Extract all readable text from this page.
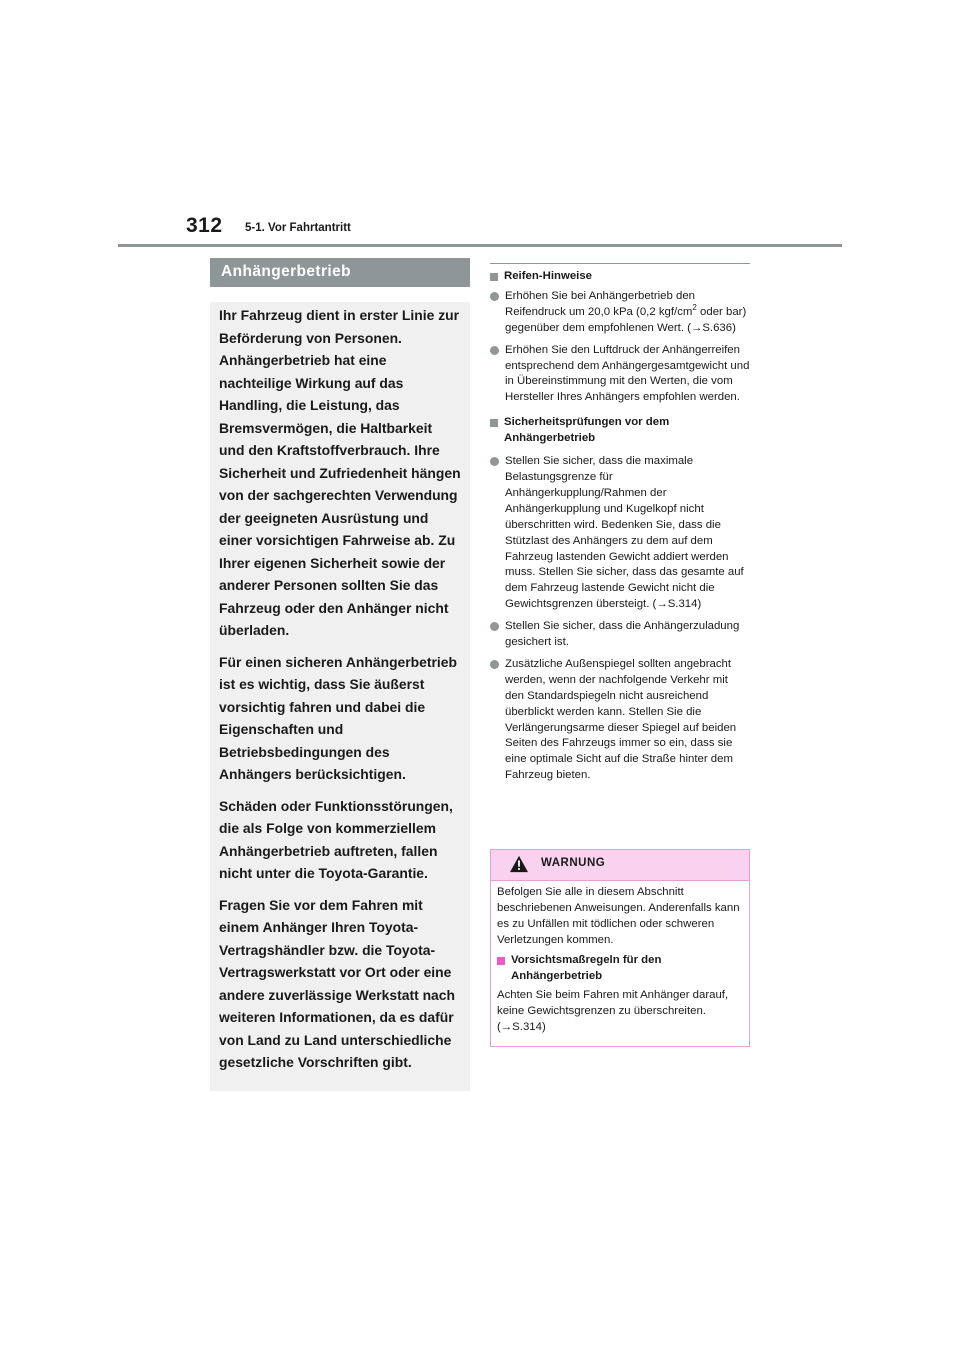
312 5-1. Vor Fahrtantritt
Anhängerbetrieb

Ihr Fahrzeug dient in erster Linie zur Beförderung von Personen. Anhängerbetrieb hat eine nachteilige Wirkung auf das Handling, die Leistung, das Bremsvermögen, die Haltbarkeit und den Kraftstoffverbrauch. Ihre Sicherheit und Zufriedenheit hängen von der sachgerechten Verwendung der geeigneten Ausrüstung und einer vorsichtigen Fahrweise ab. Zu Ihrer eigenen Sicherheit sowie der anderer Personen sollten Sie das Fahrzeug oder den Anhänger nicht überladen.

Für einen sicheren Anhängerbetrieb ist es wichtig, dass Sie äußerst vorsichtig fahren und dabei die Eigenschaften und Betriebsbedingungen des Anhängers berücksichtigen.

Schäden oder Funktionsstörungen, die als Folge von kommerziellem Anhängerbetrieb auftreten, fallen nicht unter die Toyota-Garantie.

Fragen Sie vor dem Fahren mit einem Anhänger Ihren Toyota-Vertragshändler bzw. die Toyota-Vertragswerkstatt vor Ort oder eine andere zuverlässige Werkstatt nach weiteren Informationen, da es dafür von Land zu Land unterschiedliche gesetzliche Vorschriften gibt.

Reifen-Hinweise
Erhöhen Sie bei Anhängerbetrieb den Reifendruck um 20,0 kPa (0,2 kgf/$cm^2$ oder bar) gegenüber dem empfohlenen Wert. (→S.636)
Erhöhen Sie den Luftdruck der Anhängerreifen entsprechend dem Anhängergesamtgewicht und in Übereinstimmung mit den Werten, die vom Hersteller Ihres Anhängers empfohlen werden.
Sicherheitsprüfungen vor dem Anhängerbetrieb
Stellen Sie sicher, dass die maximale Belastungsgrenze für Anhängerkupplung/Rahmen der Anhängerkupplung und Kugelkopf nicht überschritten wird. Bedenken Sie, dass die Stützlast des Anhängers zu dem auf dem Fahrzeug lastenden Gewicht addiert werden muss. Stellen Sie sicher, dass das gesamte auf dem Fahrzeug lastende Gewicht nicht die Gewichtsgrenzen übersteigt. (→S.314)
Stellen Sie sicher, dass die Anhängerzuladung gesichert ist.
Zusätzliche Außenspiegel sollten angebracht werden, wenn der nachfolgende Verkehr mit den Standardspiegeln nicht ausreichend überblickt werden kann. Stellen Sie die Verlängerungsarme dieser Spiegel auf beiden Seiten des Fahrzeugs immer so ein, dass sie eine optimale Sicht auf die Straße hinter dem Fahrzeug bieten.
WARNUNG

Befolgen Sie alle in diesem Abschnitt beschriebenen Anweisungen. Anderenfalls kann es zu Unfällen mit tödlichen oder schweren Verletzungen kommen.

Vorsichtsmaßregeln für den Anhängerbetrieb

Achten Sie beim Fahren mit Anhänger darauf, keine Gewichtsgrenzen zu überschreiten. (→S.314)
